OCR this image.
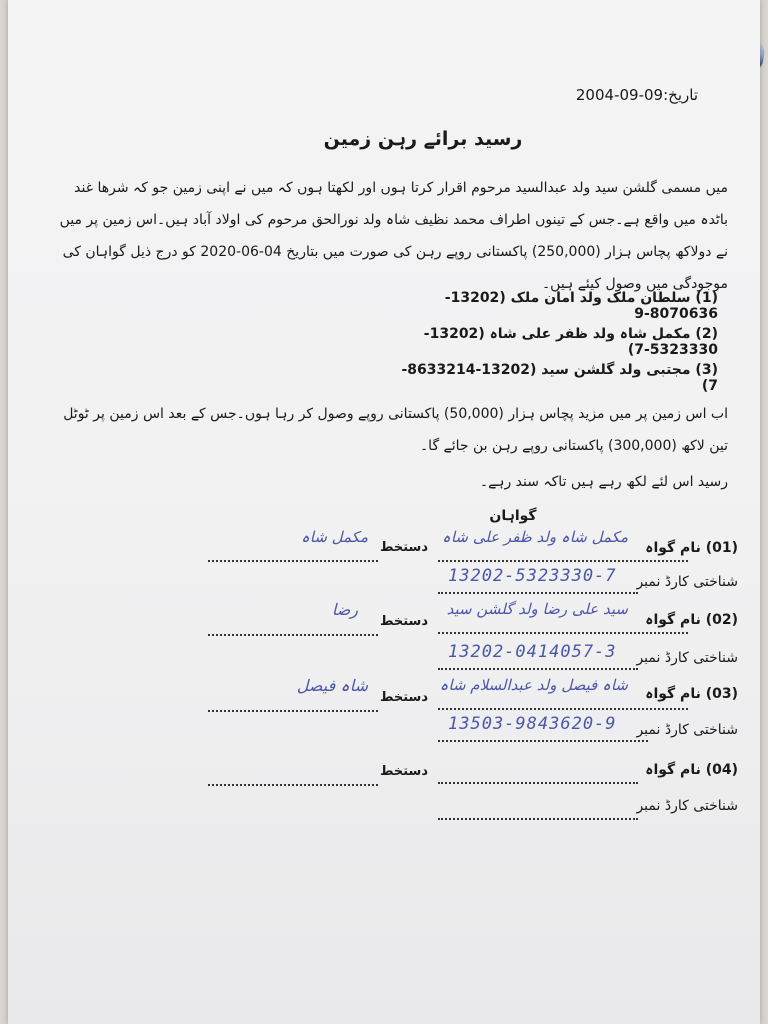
تاریخ:09-09-2004
رسید برائے رہن زمین
میں مسمی گلشن سید ولد عبدالسید مرحوم اقرار کرتا ہوں اور لکھتا ہوں کہ میں نے اپنی زمین جو کہ شرھا غند باٹدہ میں واقع ہے۔جس کے تینوں اطراف محمد نظیف شاہ ولد نورالحق مرحوم کی اولاد آباد ہیں۔اس زمین پر میں نے دولاکھ پچاس ہزار (250,000) پاکستانی روپے رہن کی صورت میں بتاریخ 04-06-2020 کو درج ذیل گواہان کی موجودگی میں وصول کیئے ہیں۔
(1) سلطان ملک ولد امان ملک (13202-8070636-9
(2) مکمل شاہ ولد ظفر علی شاہ (13202-5323330-7)
(3) مجتبی ولد گلشن سید (13202-8633214-7)
اب اس زمین پر میں مزید پچاس ہزار (50,000) پاکستانی روپے وصول کر رہا ہوں۔جس کے بعد اس زمین پر ٹوٹل تین لاکھ (300,000) پاکستانی روپے رہن بن جائے گا۔
رسید اس لئے لکھ رہے ہیں تاکہ سند رہے۔
گواہان
(01) نام گواہ
مکمل شاہ ولد ظفر علی شاہ
دستخط
مکمل شاہ
شناختی کارڈ نمبر
13202-5323330-7
(02) نام گواہ
سید علی رضا ولد گلشن سید
دستخط
رضا
شناختی کارڈ نمبر
13202-0414057-3
(03) نام گواہ
شاہ فیصل ولد عبدالسلام شاہ
دستخط
شاہ فیصل
شناختی کارڈ نمبر
13503-9843620-9
(04) نام گواہ
دستخط
شناختی کارڈ نمبر
